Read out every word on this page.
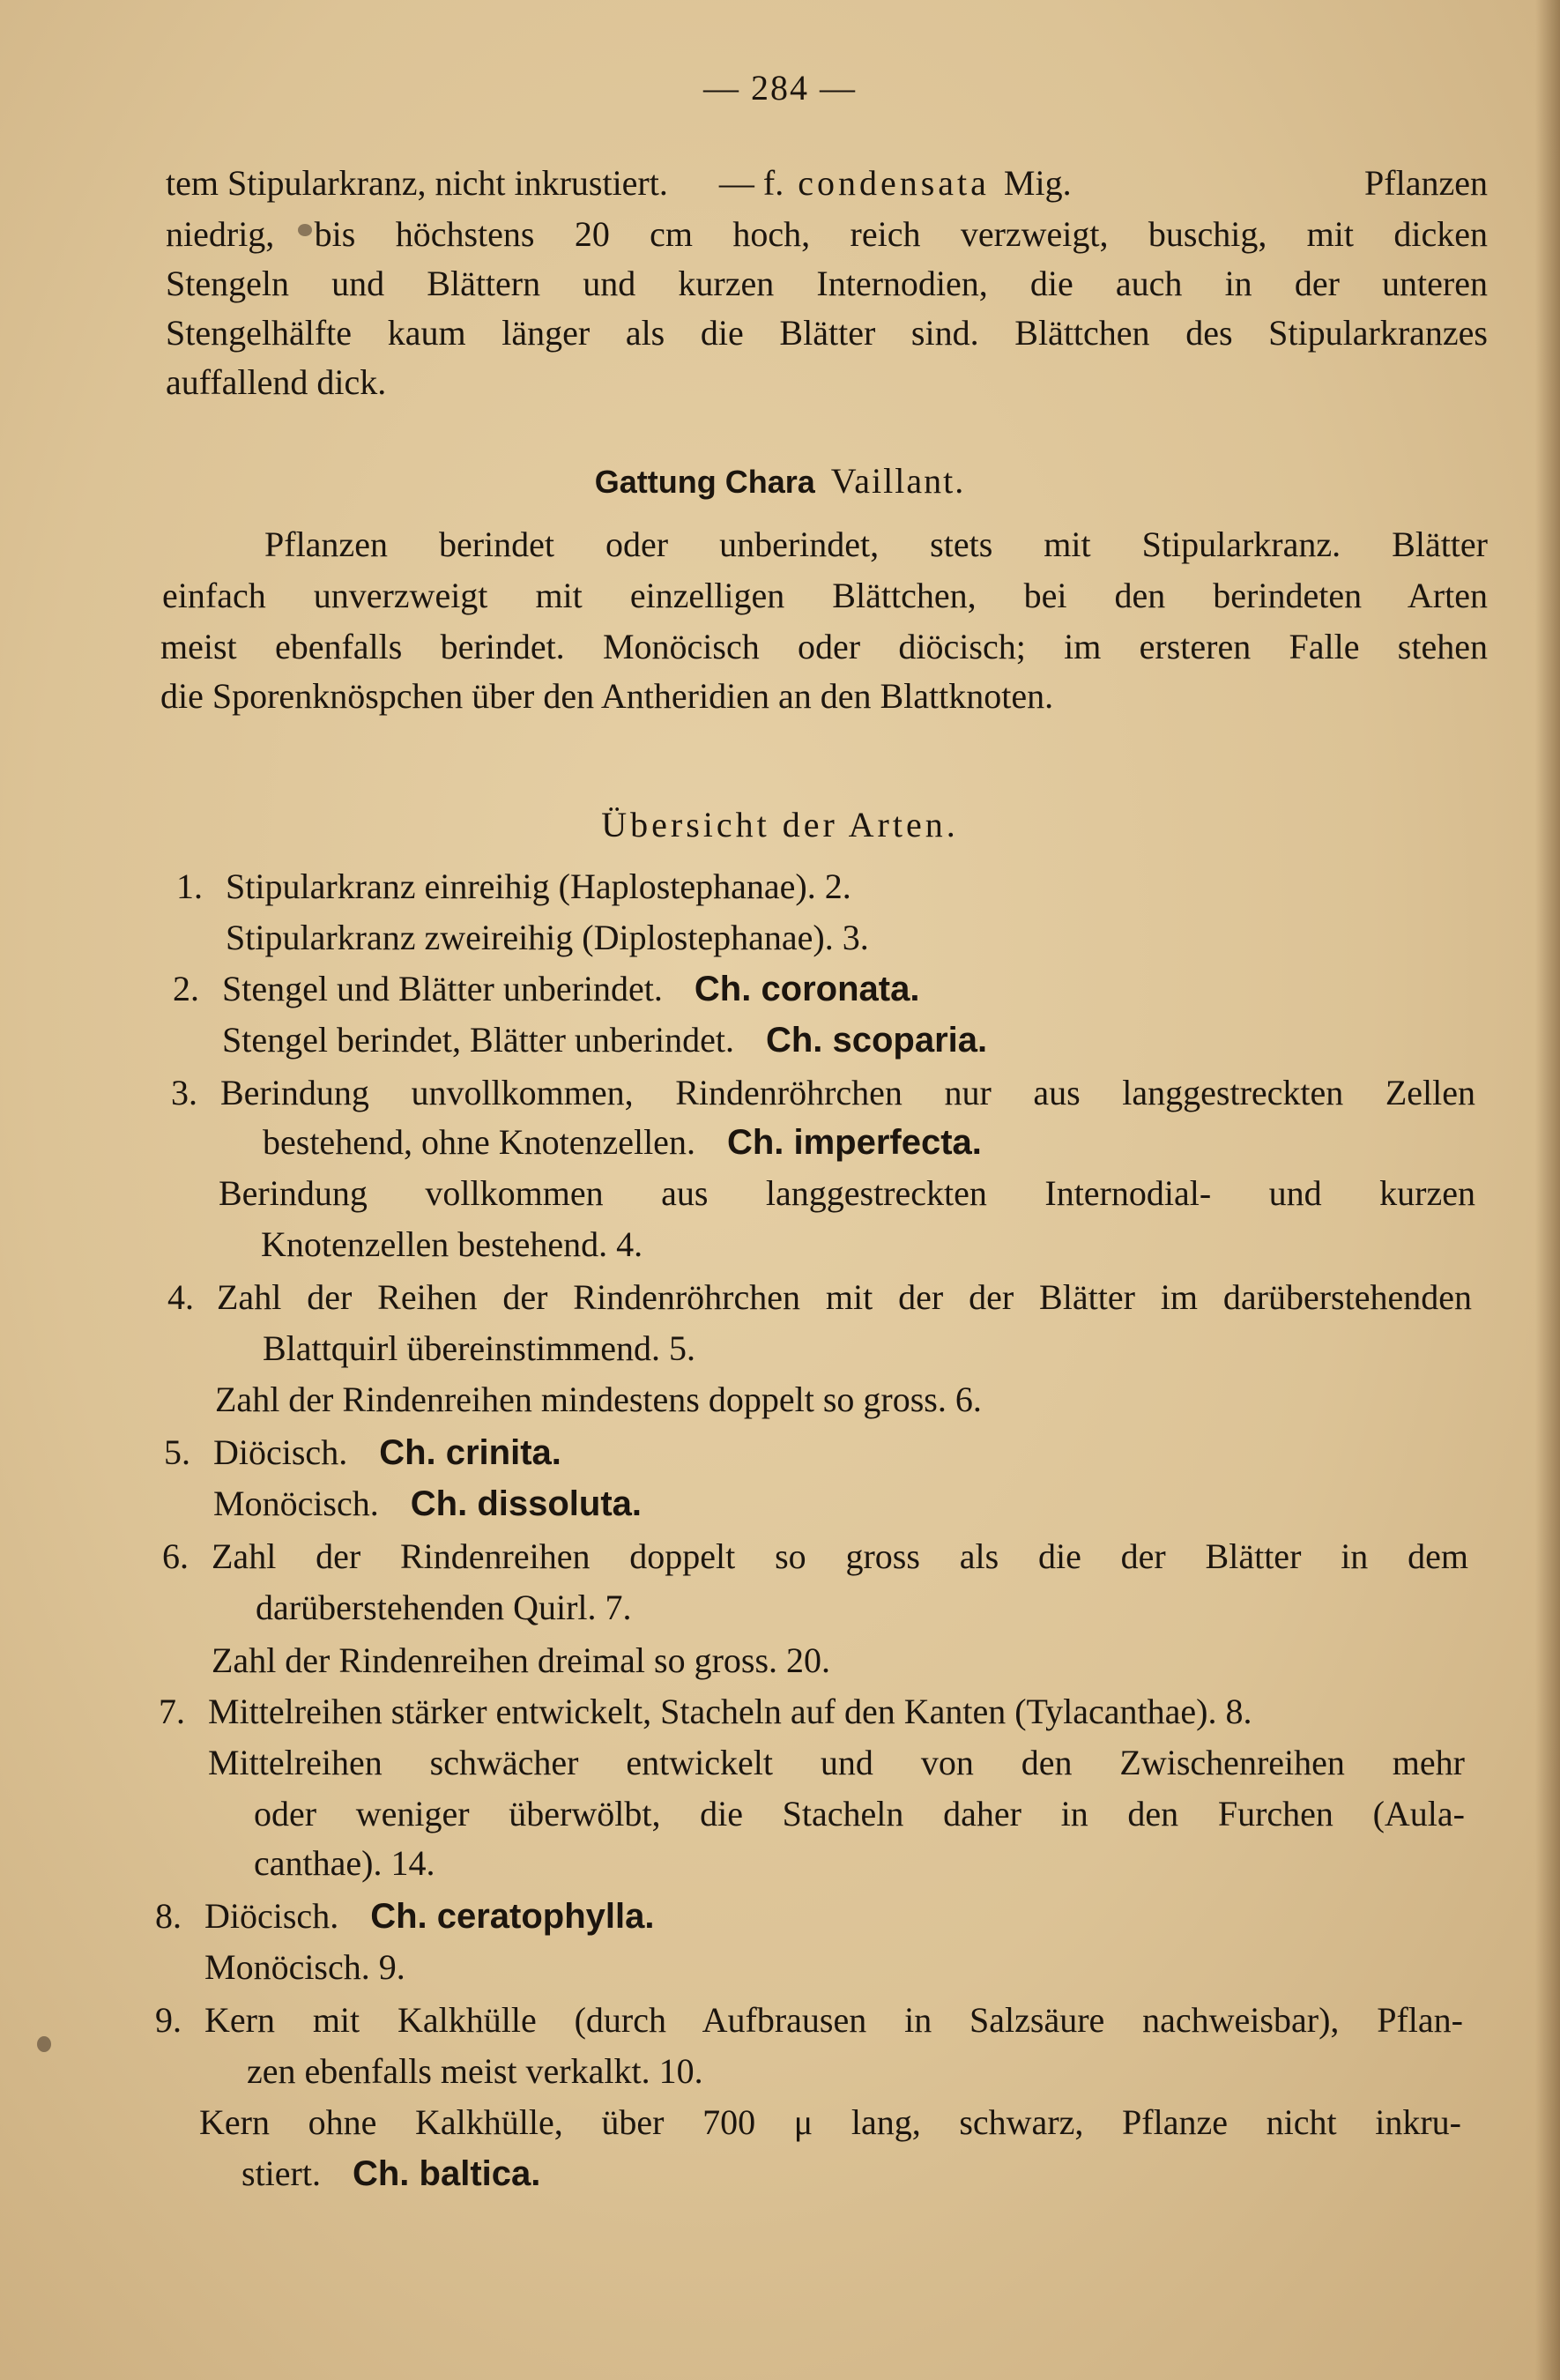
— 284 —
tem Stipularkranz, nicht inkrustiert. — f. condensata Mig.	Pflanzen
niedrig, bis höchstens 20 cm hoch, reich verzweigt, buschig, mit dicken
Stengeln und Blättern und kurzen Internodien, die auch in der unteren
Stengelhälfte kaum länger als die Blätter sind. Blättchen des Stipularkranzes
auffallend dick.
Gattung Chara Vaillant.
Pflanzen berindet oder unberindet, stets mit Stipularkranz. Blätter
einfach unverzweigt mit einzelligen Blättchen, bei den berindeten Arten
meist ebenfalls berindet. Monöcisch oder diöcisch; im ersteren Falle stehen
die Sporenknöspchen über den Antheridien an den Blattknoten.
Übersicht der Arten.
1. Stipularkranz einreihig (Haplostephanae). 2.
Stipularkranz zweireihig (Diplostephanae). 3.
2. Stengel und Blätter unberindet. Ch. coronata.
Stengel berindet, Blätter unberindet. Ch. scoparia.
3. Berindung unvollkommen, Rindenröhrchen nur aus langgestreckten Zellen
bestehend, ohne Knotenzellen. Ch. imperfecta.
Berindung vollkommen aus langgestreckten Internodial- und kurzen
Knotenzellen bestehend. 4.
4. Zahl der Reihen der Rindenröhrchen mit der der Blätter im darüberstehenden
Blattquirl übereinstimmend. 5.
Zahl der Rindenreihen mindestens doppelt so gross. 6.
5. Diöcisch. Ch. crinita.
Monöcisch. Ch. dissoluta.
6. Zahl der Rindenreihen doppelt so gross als die der Blätter in dem
darüberstehenden Quirl. 7.
Zahl der Rindenreihen dreimal so gross. 20.
7. Mittelreihen stärker entwickelt, Stacheln auf den Kanten (Tylacanthae). 8.
Mittelreihen schwächer entwickelt und von den Zwischenreihen mehr
oder weniger überwölbt, die Stacheln daher in den Furchen (Aula-
canthae). 14.
8. Diöcisch. Ch. ceratophylla.
Monöcisch. 9.
9. Kern mit Kalkhülle (durch Aufbrausen in Salzsäure nachweisbar), Pflan-
zen ebenfalls meist verkalkt. 10.
Kern ohne Kalkhülle, über 700 μ lang, schwarz, Pflanze nicht inkru-
stiert. Ch. baltica.
